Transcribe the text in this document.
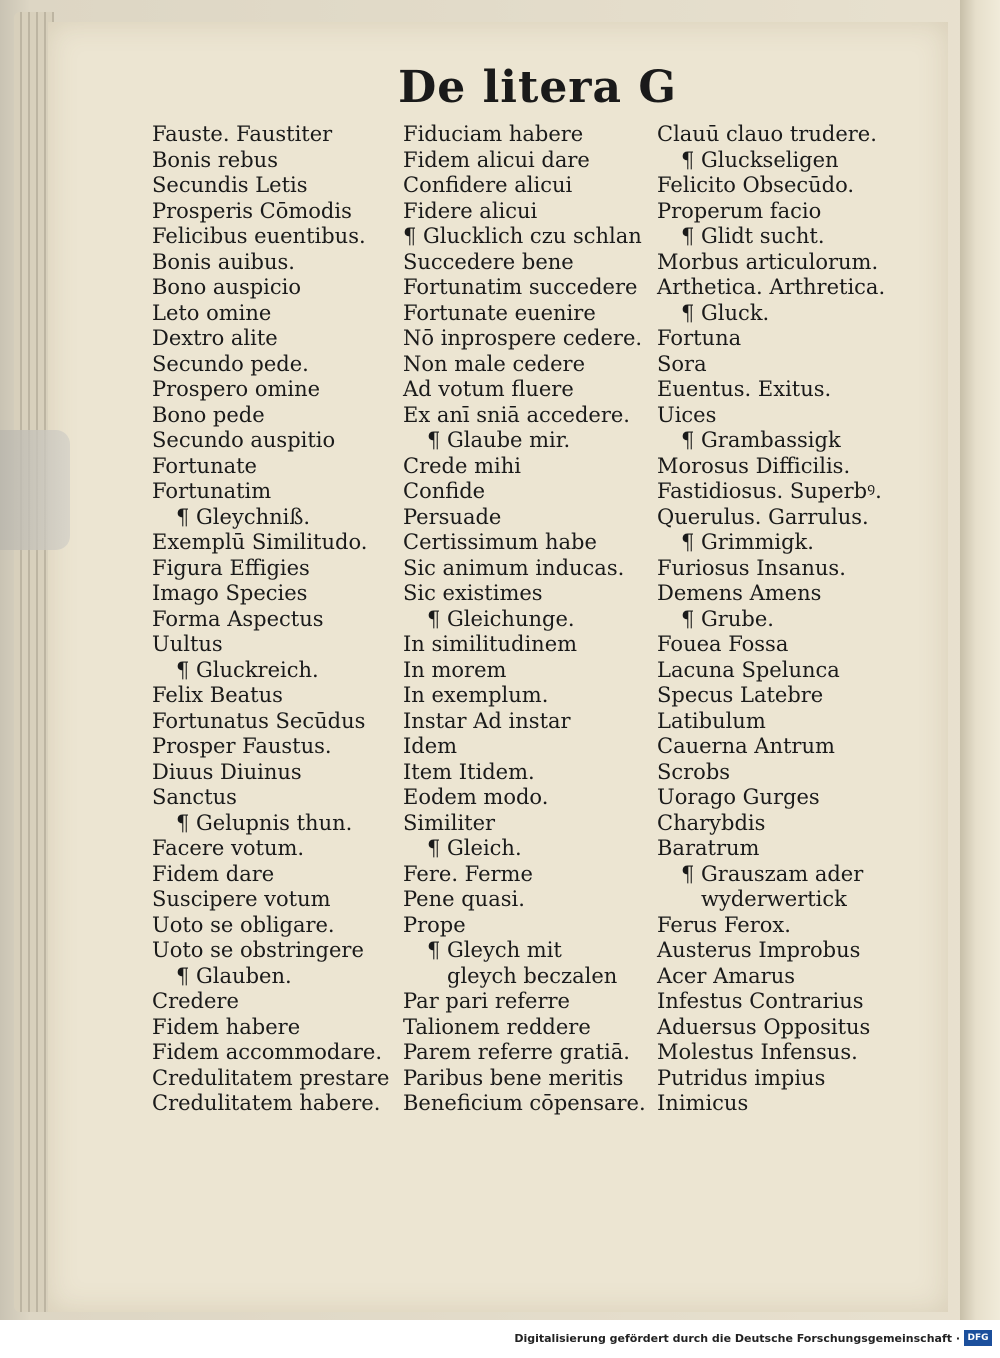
De litera G
Fauste. Faustiter
Bonis rebus
Secundis Letis
Prosperis Cōmodis
Felicibus euentibus.
Bonis auibus.
Bono auspicio
Leto omine
Dextro alite
Secundo pede.
Prospero omine
Bono pede
Secundo auspitio
Fortunate
Fortunatim
¶ Gleychniß.
Exemplū Similitudo.
Figura Effigies
Imago Species
Forma Aspectus
Uultus
¶ Gluckreich.
Felix Beatus
Fortunatus Secūdus
Prosper Faustus.
Diuus Diuinus
Sanctus
¶ Gelupnis thun.
Facere votum.
Fidem dare
Suscipere votum
Uoto se obligare.
Uoto se obstringere
¶ Glauben.
Credere
Fidem habere
Fidem accommodare.
Credulitatem prestare
Credulitatem habere.
Fiduciam habere
Fidem alicui dare
Confidere alicui
Fidere alicui
¶ Glucklich czu schlan
Succedere bene
Fortunatim succedere
Fortunate euenire
Nō inprospere cedere.
Non male cedere
Ad votum fluere
Ex anī sniā accedere.
¶ Glaube mir.
Crede mihi
Confide
Persuade
Certissimum habe
Sic animum inducas.
Sic existimes
¶ Gleichunge.
In similitudinem
In morem
In exemplum.
Instar Ad instar
Idem
Item Itidem.
Eodem modo.
Similiter
¶ Gleich.
Fere. Ferme
Pene quasi.
Prope
¶ Gleych mit
gleych beczalen
Par pari referre
Talionem reddere
Parem referre gratiā.
Paribus bene meritis
Beneficium cōpensare.
Clauū clauo trudere.
¶ Gluckseligen
Felicito Obsecūdo.
Properum facio
¶ Glidt sucht.
Morbus articulorum.
Arthetica. Arthretica.
¶ Gluck.
Fortuna
Sora
Euentus. Exitus.
Uices
¶ Grambassigk
Morosus Difficilis.
Fastidiosus. Superbꝰ.
Querulus. Garrulus.
¶ Grimmigk.
Furiosus Insanus.
Demens Amens
¶ Grube.
Fouea Fossa
Lacuna Spelunca
Specus Latebre
Latibulum
Cauerna Antrum
Scrobs
Uorago Gurges
Charybdis
Baratrum
¶ Grauszam ader
wyderwertick
Ferus Ferox.
Austerus Improbus
Acer Amarus
Infestus Contrarius
Aduersus Oppositus
Molestus Infensus.
Putridus impius
Inimicus
Digitalisierung gefördert durch die Deutsche Forschungsgemeinschaft · DFG
